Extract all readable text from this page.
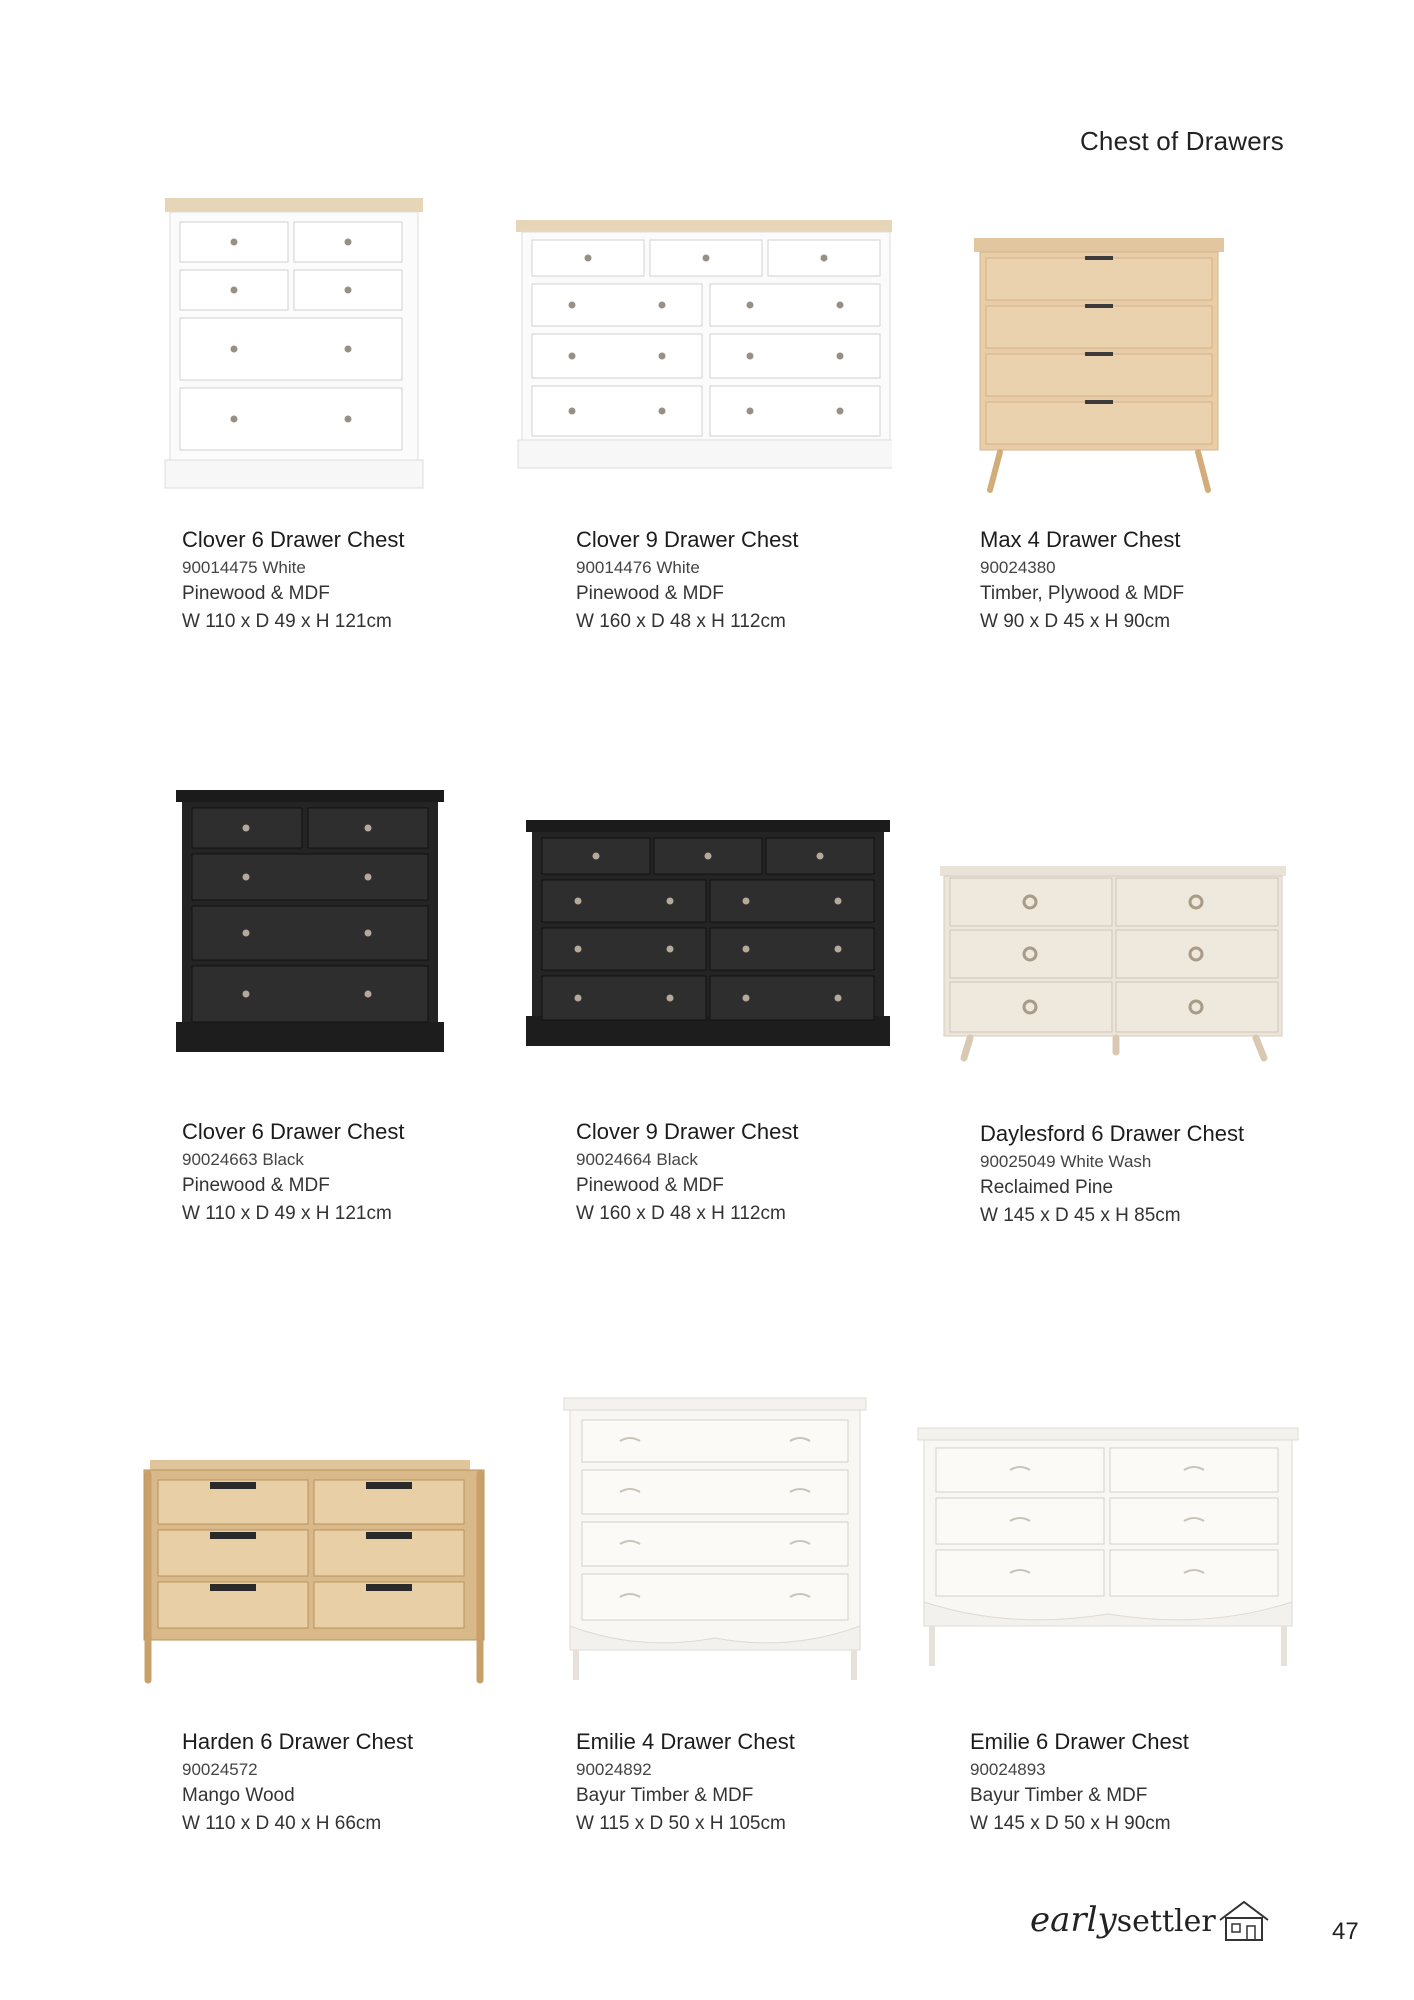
Chest of Drawers
Clover 6 Drawer Chest
90014475 White
Pinewood & MDF
W 110 x D 49 x H 121cm
Clover 9 Drawer Chest
90014476 White
Pinewood & MDF
W 160 x D 48 x H 112cm
Max 4 Drawer Chest
90024380
Timber, Plywood & MDF
W 90 x D 45 x H 90cm
Clover 6 Drawer Chest
90024663 Black
Pinewood & MDF
W 110 x D 49 x H 121cm
Clover 9 Drawer Chest
90024664 Black
Pinewood & MDF
W 160 x D 48 x H 112cm
Daylesford 6 Drawer Chest
90025049 White Wash
Reclaimed Pine
W 145 x D 45 x H 85cm
Harden 6 Drawer Chest
90024572
Mango Wood
W 110 x D 40 x H 66cm
Emilie 4 Drawer Chest
90024892
Bayur Timber & MDF
W 115 x D 50 x H 105cm
Emilie 6 Drawer Chest
90024893
Bayur Timber & MDF
W 145 x D 50 x H 90cm
earlysettler	47
